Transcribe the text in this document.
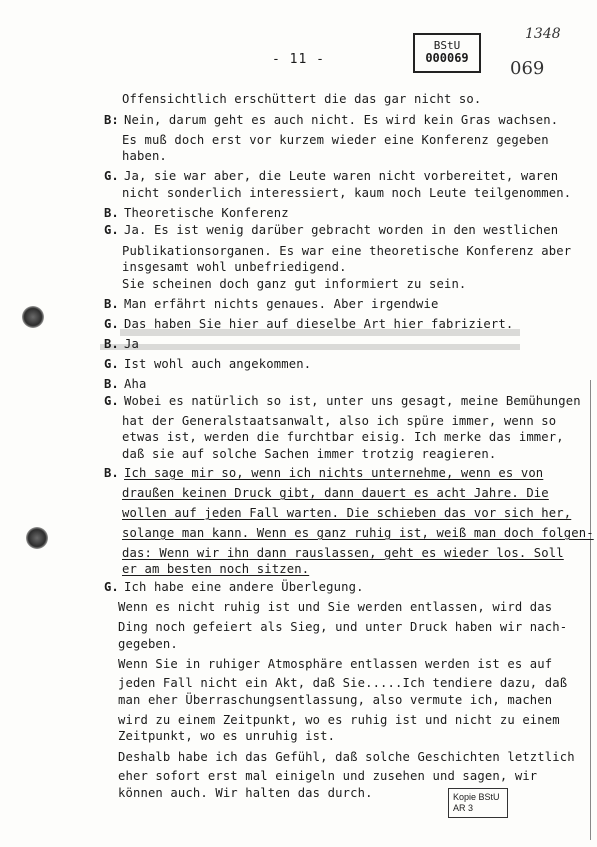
- 11 -
BStU
000069
1348
069
Offensichtlich erschüttert die das gar nicht so.
B: Nein, darum geht es auch nicht. Es wird kein Gras wachsen.
Es muß doch erst vor kurzem wieder eine Konferenz gegeben
haben.
G. Ja, sie war aber, die Leute waren nicht vorbereitet, waren
nicht sonderlich interessiert, kaum noch Leute teilgenommen.
B. Theoretische Konferenz
G. Ja. Es ist wenig darüber gebracht worden in den westlichen
Publikationsorganen. Es war eine theoretische Konferenz aber
insgesamt wohl unbefriedigend.
Sie scheinen doch ganz gut informiert zu sein.
B. Man erfährt nichts genaues. Aber irgendwie
G. Das haben Sie hier auf dieselbe Art hier fabriziert.
B. Ja
G. Ist wohl auch angekommen.
B. Aha
G. Wobei es natürlich so ist, unter uns gesagt, meine Bemühungen
hat der Generalstaatsanwalt, also ich spüre immer, wenn so
etwas ist, werden die furchtbar eisig. Ich merke das immer,
daß sie auf solche Sachen immer trotzig reagieren.
B. Ich sage mir so, wenn ich nichts unternehme, wenn es von
draußen keinen Druck gibt, dann dauert es acht Jahre. Die
wollen auf jeden Fall warten. Die schieben das vor sich her,
solange man kann. Wenn es ganz ruhig ist, weiß man doch folgen-
das: Wenn wir ihn dann rauslassen, geht es wieder los. Soll
er am besten noch sitzen.
G. Ich habe eine andere Überlegung.
Wenn es nicht ruhig ist und Sie werden entlassen, wird das
Ding noch gefeiert als Sieg, und unter Druck haben wir nach-
gegeben.
Wenn Sie in ruhiger Atmosphäre entlassen werden ist es auf
jeden Fall nicht ein Akt, daß Sie.....Ich tendiere dazu, daß
man eher Überraschungsentlassung, also vermute ich, machen
wird zu einem Zeitpunkt, wo es ruhig ist und nicht zu einem
Zeitpunkt, wo es unruhig ist.
Deshalb habe ich das Gefühl, daß solche Geschichten letztlich
eher sofort erst mal einigeln und zusehen und sagen, wir
können auch. Wir halten das durch.	Kopie BStU
AR 3
